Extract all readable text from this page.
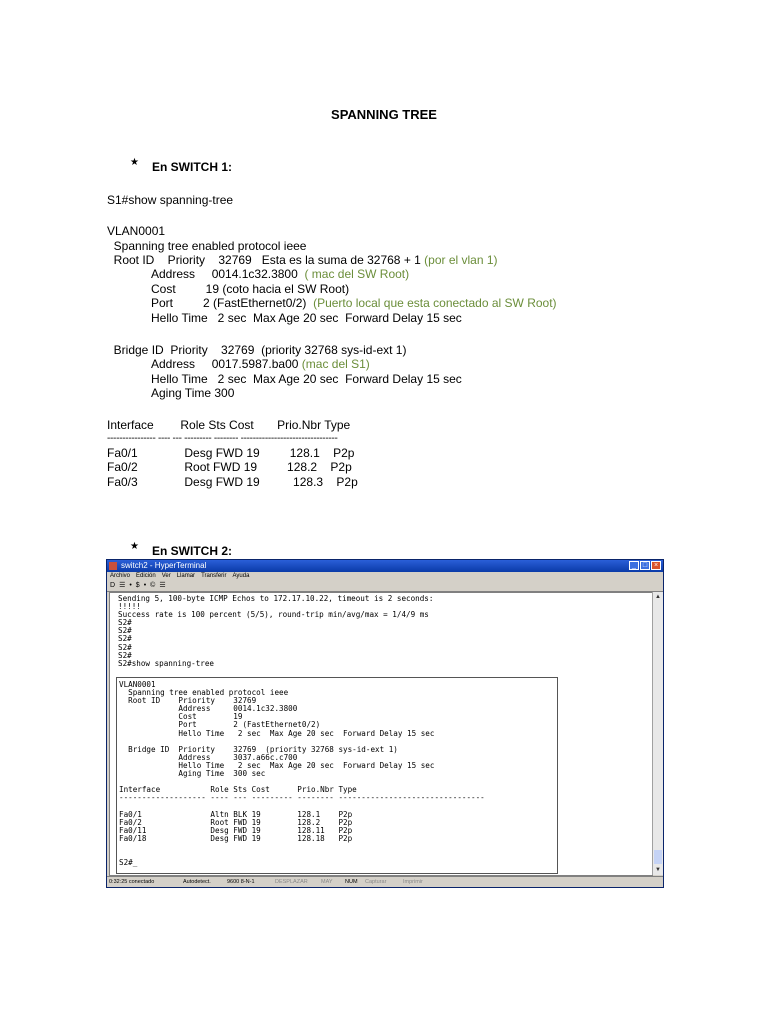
SPANNING TREE
★ En SWITCH 1:
S1#show spanning-tree
VLAN0001
Spanning tree enabled protocol ieee
Root ID    Priority    32769   Esta es la suma de 32768 + 1 (por el vlan 1)
Address     0014.1c32.3800  ( mac del SW Root)
Cost         19 (coto hacia el SW Root)
Port         2 (FastEthernet0/2)  (Puerto local que esta conectado al SW Root)
Hello Time   2 sec  Max Age 20 sec  Forward Delay 15 sec
Bridge ID  Priority    32769  (priority 32768 sys-id-ext 1)
Address     0017.5987.ba00 (mac del S1)
Hello Time   2 sec  Max Age 20 sec  Forward Delay 15 sec
Aging Time 300
Interface        Role Sts Cost       Prio.Nbr Type
---------------- ---- --- --------- -------- --------------------------------
Fa0/1              Desg FWD 19         128.1    P2p
Fa0/2              Root FWD 19         128.2    P2p
Fa0/3              Desg FWD 19          128.3    P2p
★ En SWITCH 2:
switch2 - HyperTerminal	_ □ ×
Archivo Edición Ver Llamar Transferir Ayuda
D ☰ • $ • © ☰
Sending 5, 100-byte ICMP Echos to 172.17.10.22, timeout is 2 seconds:
!!!!!
Success rate is 100 percent (5/5), round-trip min/avg/max = 1/4/9 ms
S2#
S2#
S2#
S2#
S2#
S2#show spanning-tree
VLAN0001
Spanning tree enabled protocol ieee
Root ID    Priority    32769
Address     0014.1c32.3800
Cost        19
Port        2 (FastEthernet0/2)
Hello Time   2 sec  Max Age 20 sec  Forward Delay 15 sec

Bridge ID  Priority    32769  (priority 32768 sys-id-ext 1)
Address     3037.a66c.c700
Hello Time   2 sec  Max Age 20 sec  Forward Delay 15 sec
Aging Time  300 sec

Interface           Role Sts Cost      Prio.Nbr Type
------------------- ---- --- --------- -------- --------------------------------

Fa0/1               Altn BLK 19        128.1    P2p
Fa0/2               Root FWD 19        128.2    P2p
Fa0/11              Desg FWD 19        128.11   P2p
Fa0/18              Desg FWD 19        128.18   P2p

S2#_
▲
▼
0:32:25 conectado	Autodetect.	9600 8-N-1	DESPLAZAR MAY NUM Capturar	Imprimir
